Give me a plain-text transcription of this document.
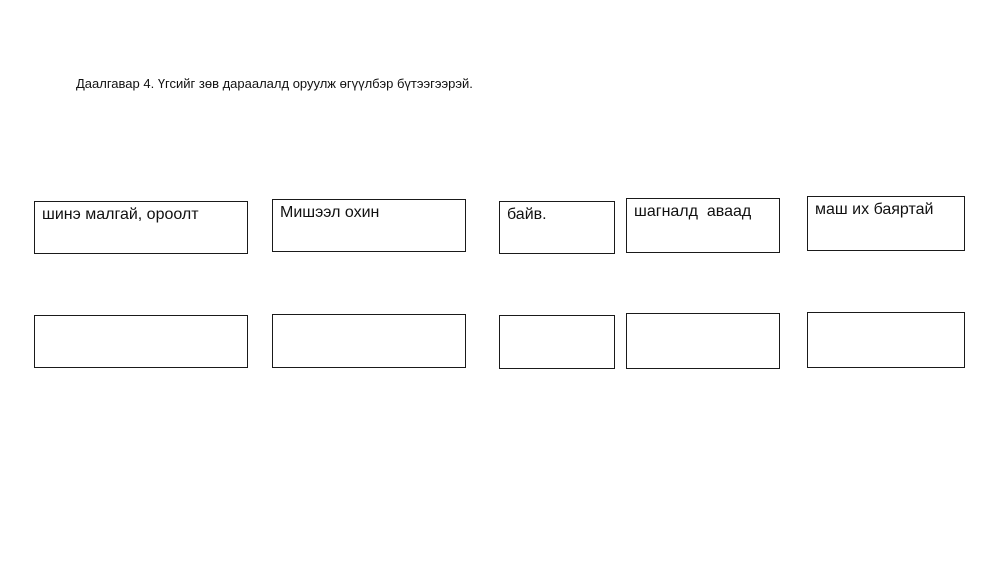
Даалгавар 4. Үгсийг зөв дараалалд оруулж өгүүлбэр бүтээгээрэй.
шинэ малгай, ороолт	Мишээл охин	байв.	шагналд  аваад	маш их баяртай
